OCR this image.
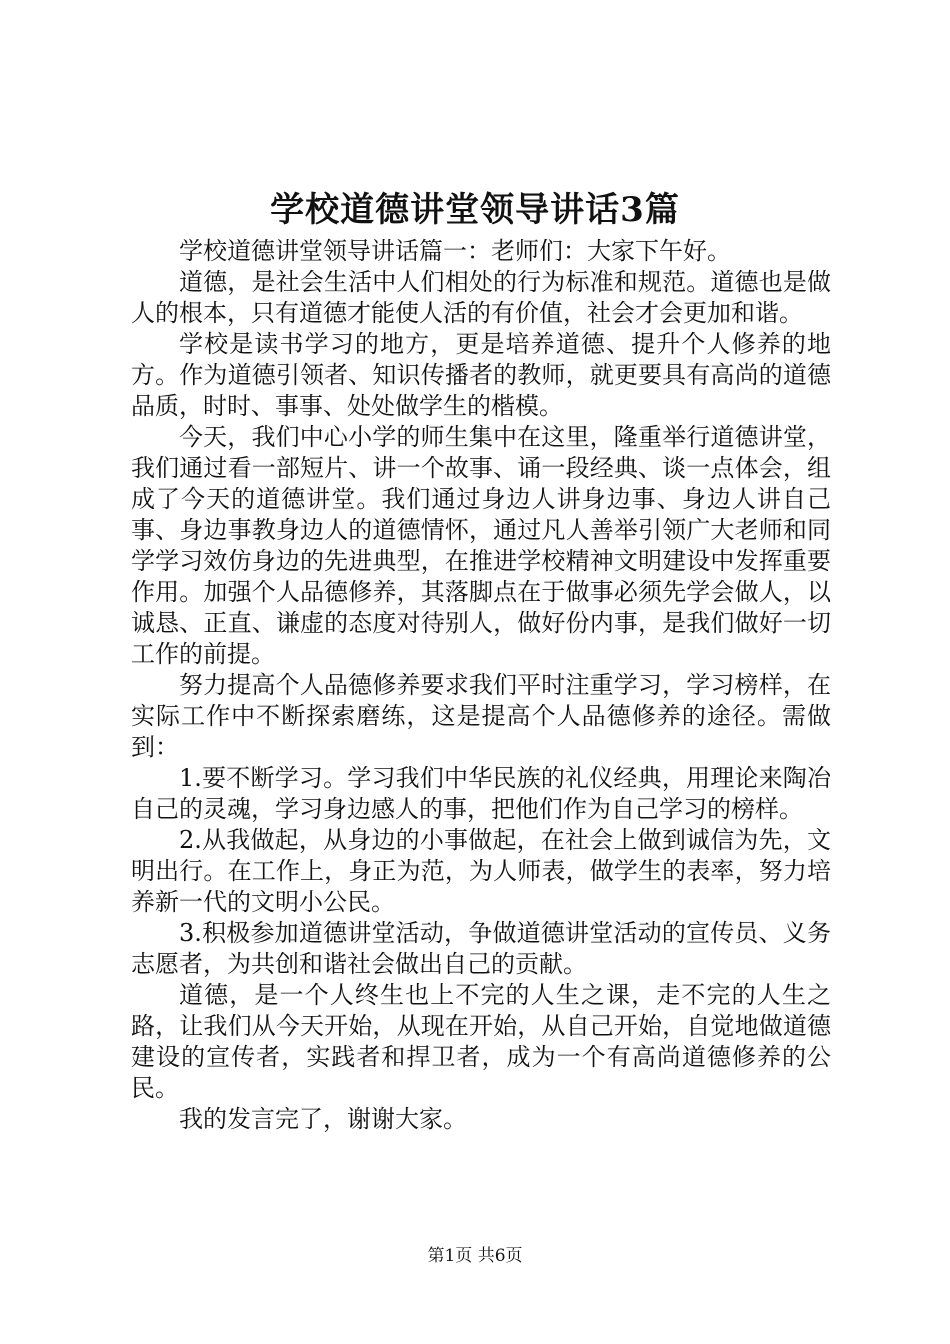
学校道德讲堂领导讲话3篇

学校道德讲堂领导讲话篇一：老师们：大家下午好。

道德，是社会生活中人们相处的行为标准和规范。道德也是做人的根本，只有道德才能使人活的有价值，社会才会更加和谐。

学校是读书学习的地方，更是培养道德、提升个人修养的地方。作为道德引领者、知识传播者的教师，就更要具有高尚的道德品质，时时、事事、处处做学生的楷模。

今天，我们中心小学的师生集中在这里，隆重举行道德讲堂，我们通过看一部短片、讲一个故事、诵一段经典、谈一点体会，组成了今天的道德讲堂。我们通过身边人讲身边事、身边人讲自己事、身边事教身边人的道德情怀，通过凡人善举引领广大老师和同学学习效仿身边的先进典型，在推进学校精神文明建设中发挥重要作用。加强个人品德修养，其落脚点在于做事必须先学会做人，以诚恳、正直、谦虚的态度对待别人，做好份内事，是我们做好一切工作的前提。

努力提高个人品德修养要求我们平时注重学习，学习榜样，在实际工作中不断探索磨练，这是提高个人品德修养的途径。需做到：

1.要不断学习。学习我们中华民族的礼仪经典，用理论来陶冶自己的灵魂，学习身边感人的事，把他们作为自己学习的榜样。

2.从我做起，从身边的小事做起，在社会上做到诚信为先，文明出行。在工作上，身正为范，为人师表，做学生的表率，努力培养新一代的文明小公民。

3.积极参加道德讲堂活动，争做道德讲堂活动的宣传员、义务志愿者，为共创和谐社会做出自己的贡献。

道德，是一个人终生也上不完的人生之课，走不完的人生之路，让我们从今天开始，从现在开始，从自己开始，自觉地做道德建设的宣传者，实践者和捍卫者，成为一个有高尚道德修养的公民。

我的发言完了，谢谢大家。

第1页 共6页
